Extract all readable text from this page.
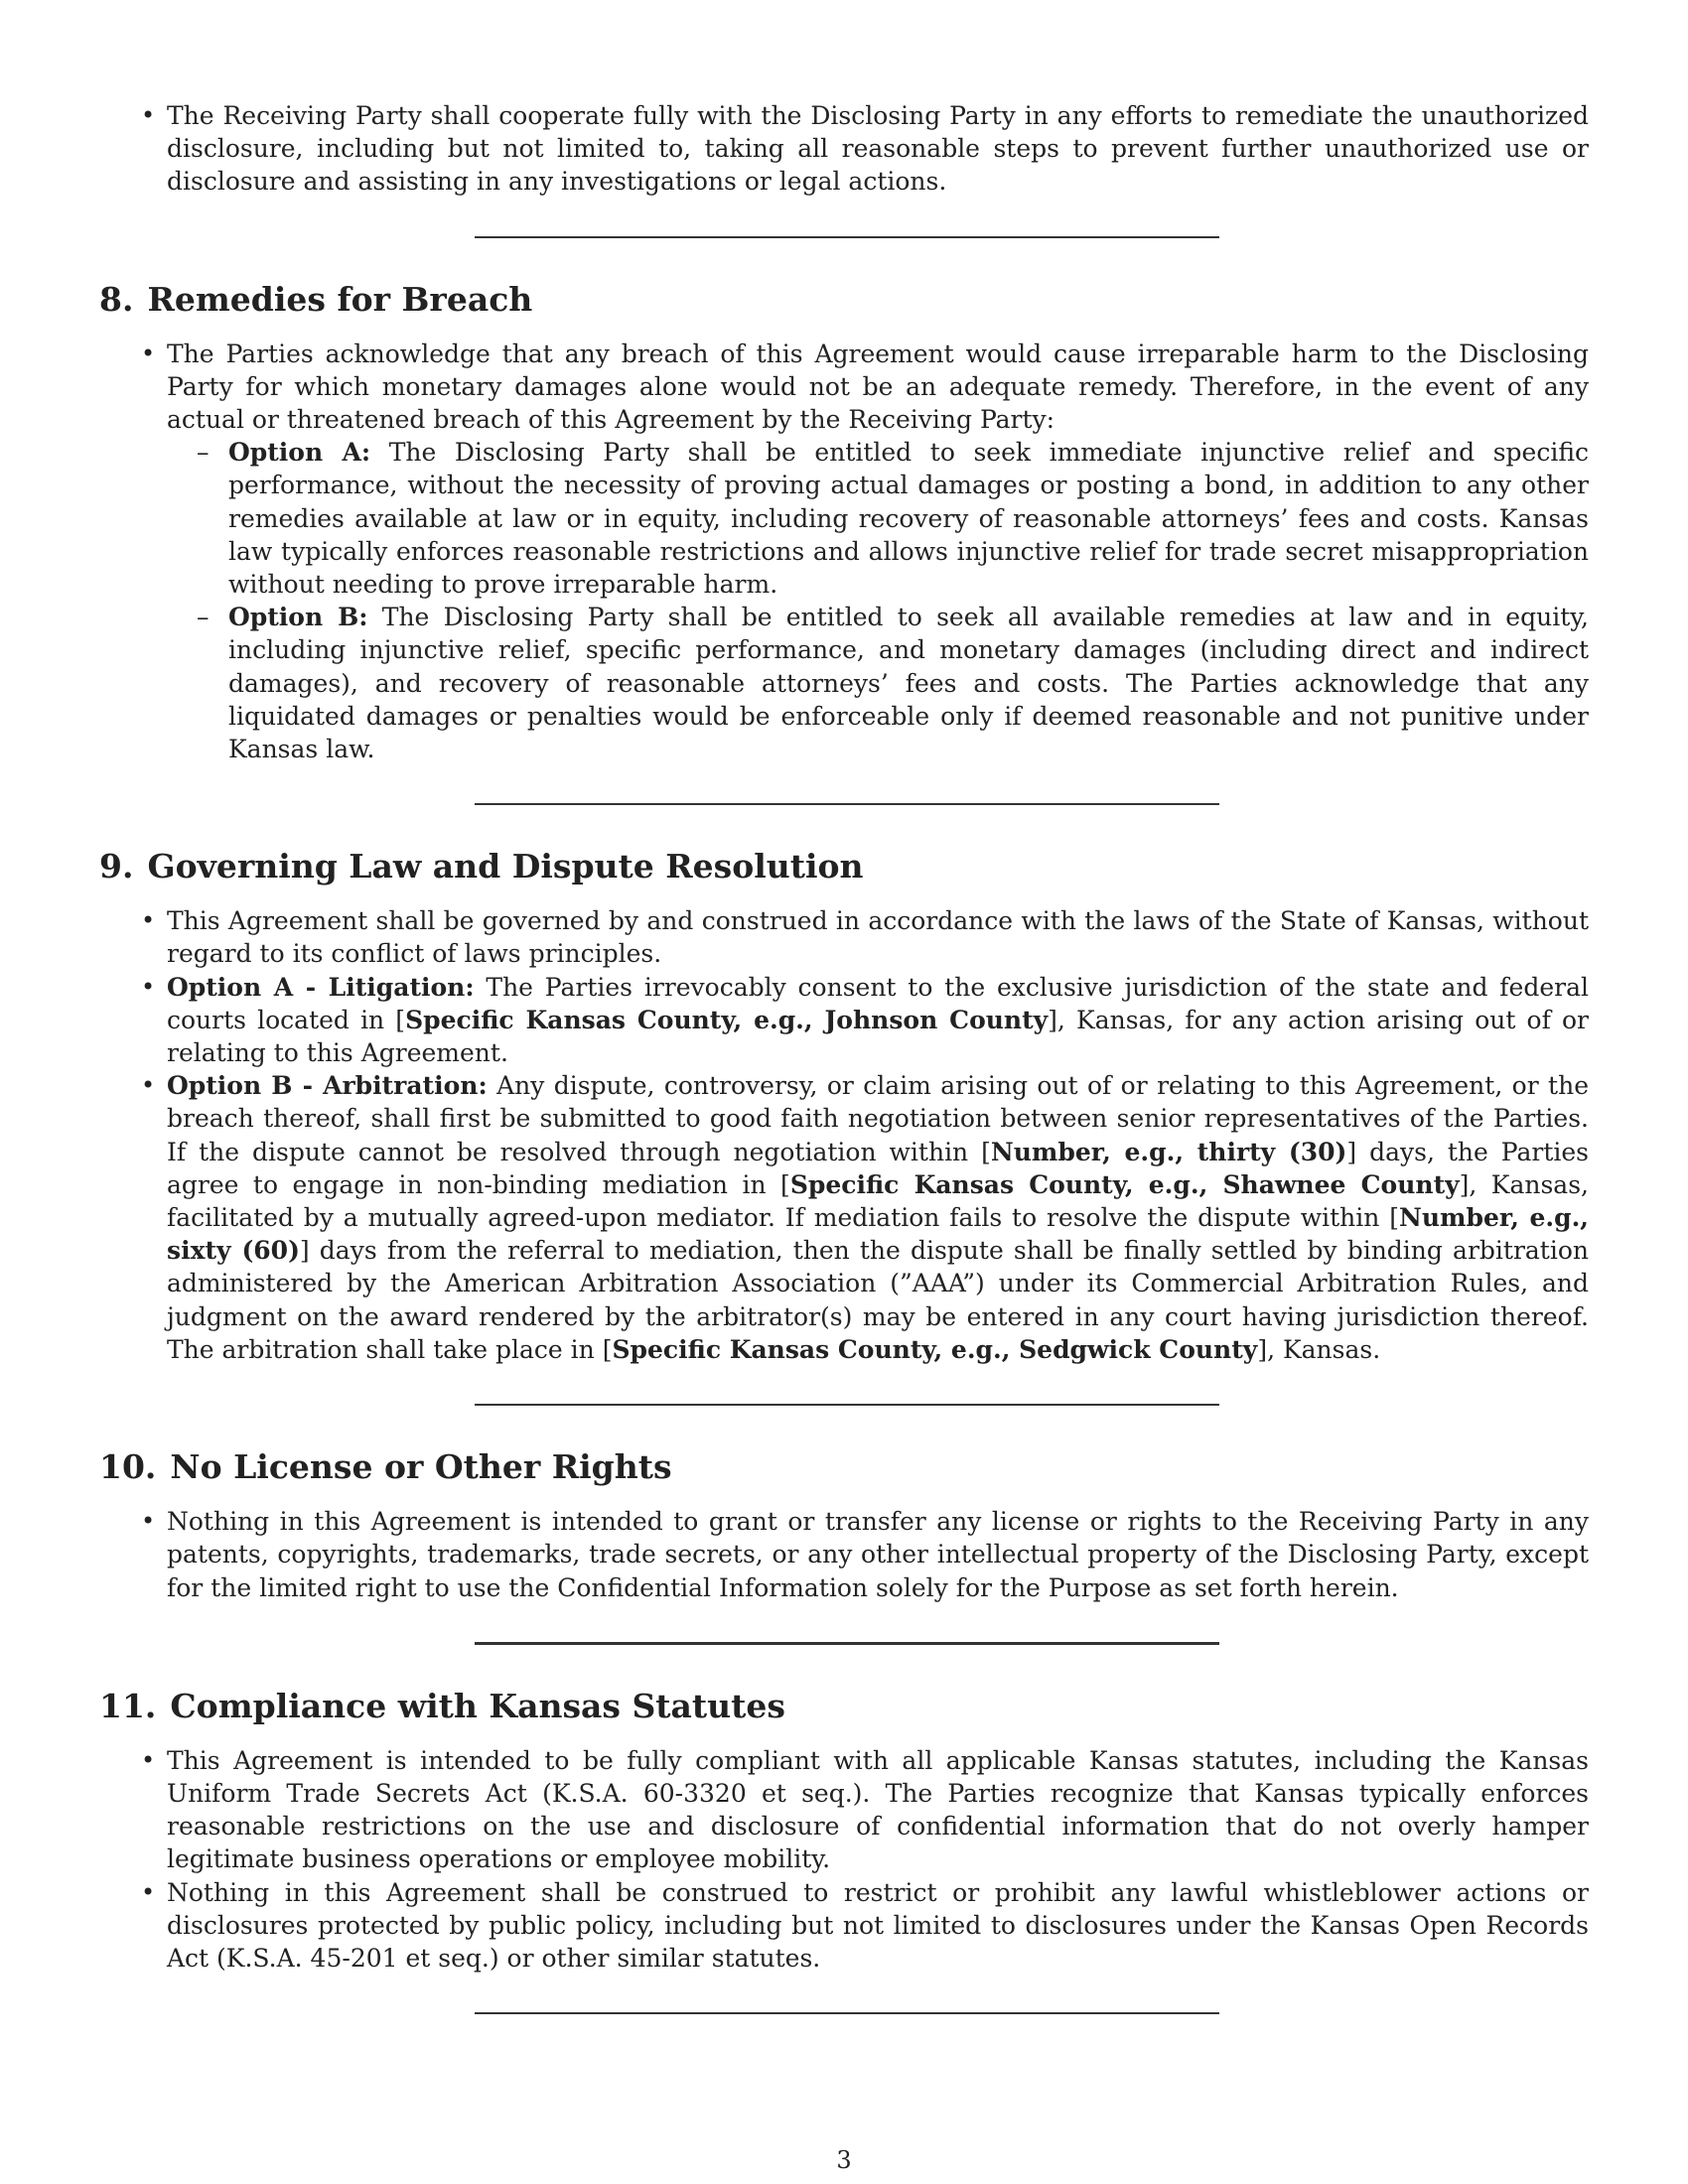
• The Receiving Party shall cooperate fully with the Disclosing Party in any efforts to remediate the unauthorized disclosure, including but not limited to, taking all reasonable steps to prevent further unauthorized use or disclosure and assisting in any investigations or legal actions.
8. Remedies for Breach
• The Parties acknowledge that any breach of this Agreement would cause irreparable harm to the Disclosing Party for which monetary damages alone would not be an adequate remedy. Therefore, in the event of any actual or threatened breach of this Agreement by the Receiving Party:
– Option A: The Disclosing Party shall be entitled to seek immediate injunctive relief and specific performance, without the necessity of proving actual damages or posting a bond, in addition to any other remedies available at law or in equity, including recovery of reasonable attorneys’ fees and costs. Kansas law typically enforces reasonable restrictions and allows injunctive relief for trade secret misappropriation without needing to prove irreparable harm.
– Option B: The Disclosing Party shall be entitled to seek all available remedies at law and in equity, including injunctive relief, specific performance, and monetary damages (including direct and indirect damages), and recovery of reasonable attorneys’ fees and costs. The Parties acknowledge that any liquidated damages or penalties would be enforceable only if deemed reasonable and not punitive under Kansas law.
9. Governing Law and Dispute Resolution
• This Agreement shall be governed by and construed in accordance with the laws of the State of Kansas, without regard to its conflict of laws principles.
• Option A - Litigation: The Parties irrevocably consent to the exclusive jurisdiction of the state and federal courts located in [Specific Kansas County, e.g., Johnson County], Kansas, for any action arising out of or relating to this Agreement.
• Option B - Arbitration: Any dispute, controversy, or claim arising out of or relating to this Agreement, or the breach thereof, shall first be submitted to good faith negotiation between senior representatives of the Parties. If the dispute cannot be resolved through negotiation within [Number, e.g., thirty (30)] days, the Parties agree to engage in non-binding mediation in [Specific Kansas County, e.g., Shawnee County], Kansas, facilitated by a mutually agreed-upon mediator. If mediation fails to resolve the dispute within [Number, e.g., sixty (60)] days from the referral to mediation, then the dispute shall be finally settled by binding arbitration administered by the American Arbitration Association (”AAA”) under its Commercial Arbitration Rules, and judgment on the award rendered by the arbitrator(s) may be entered in any court having jurisdiction thereof. The arbitration shall take place in [Specific Kansas County, e.g., Sedgwick County], Kansas.
10. No License or Other Rights
• Nothing in this Agreement is intended to grant or transfer any license or rights to the Receiving Party in any patents, copyrights, trademarks, trade secrets, or any other intellectual property of the Disclosing Party, except for the limited right to use the Confidential Information solely for the Purpose as set forth herein.
11. Compliance with Kansas Statutes
• This Agreement is intended to be fully compliant with all applicable Kansas statutes, including the Kansas Uniform Trade Secrets Act (K.S.A. 60-3320 et seq.). The Parties recognize that Kansas typically enforces reasonable restrictions on the use and disclosure of confidential information that do not overly hamper legitimate business operations or employee mobility.
• Nothing in this Agreement shall be construed to restrict or prohibit any lawful whistleblower actions or disclosures protected by public policy, including but not limited to disclosures under the Kansas Open Records Act (K.S.A. 45-201 et seq.) or other similar statutes.
3
